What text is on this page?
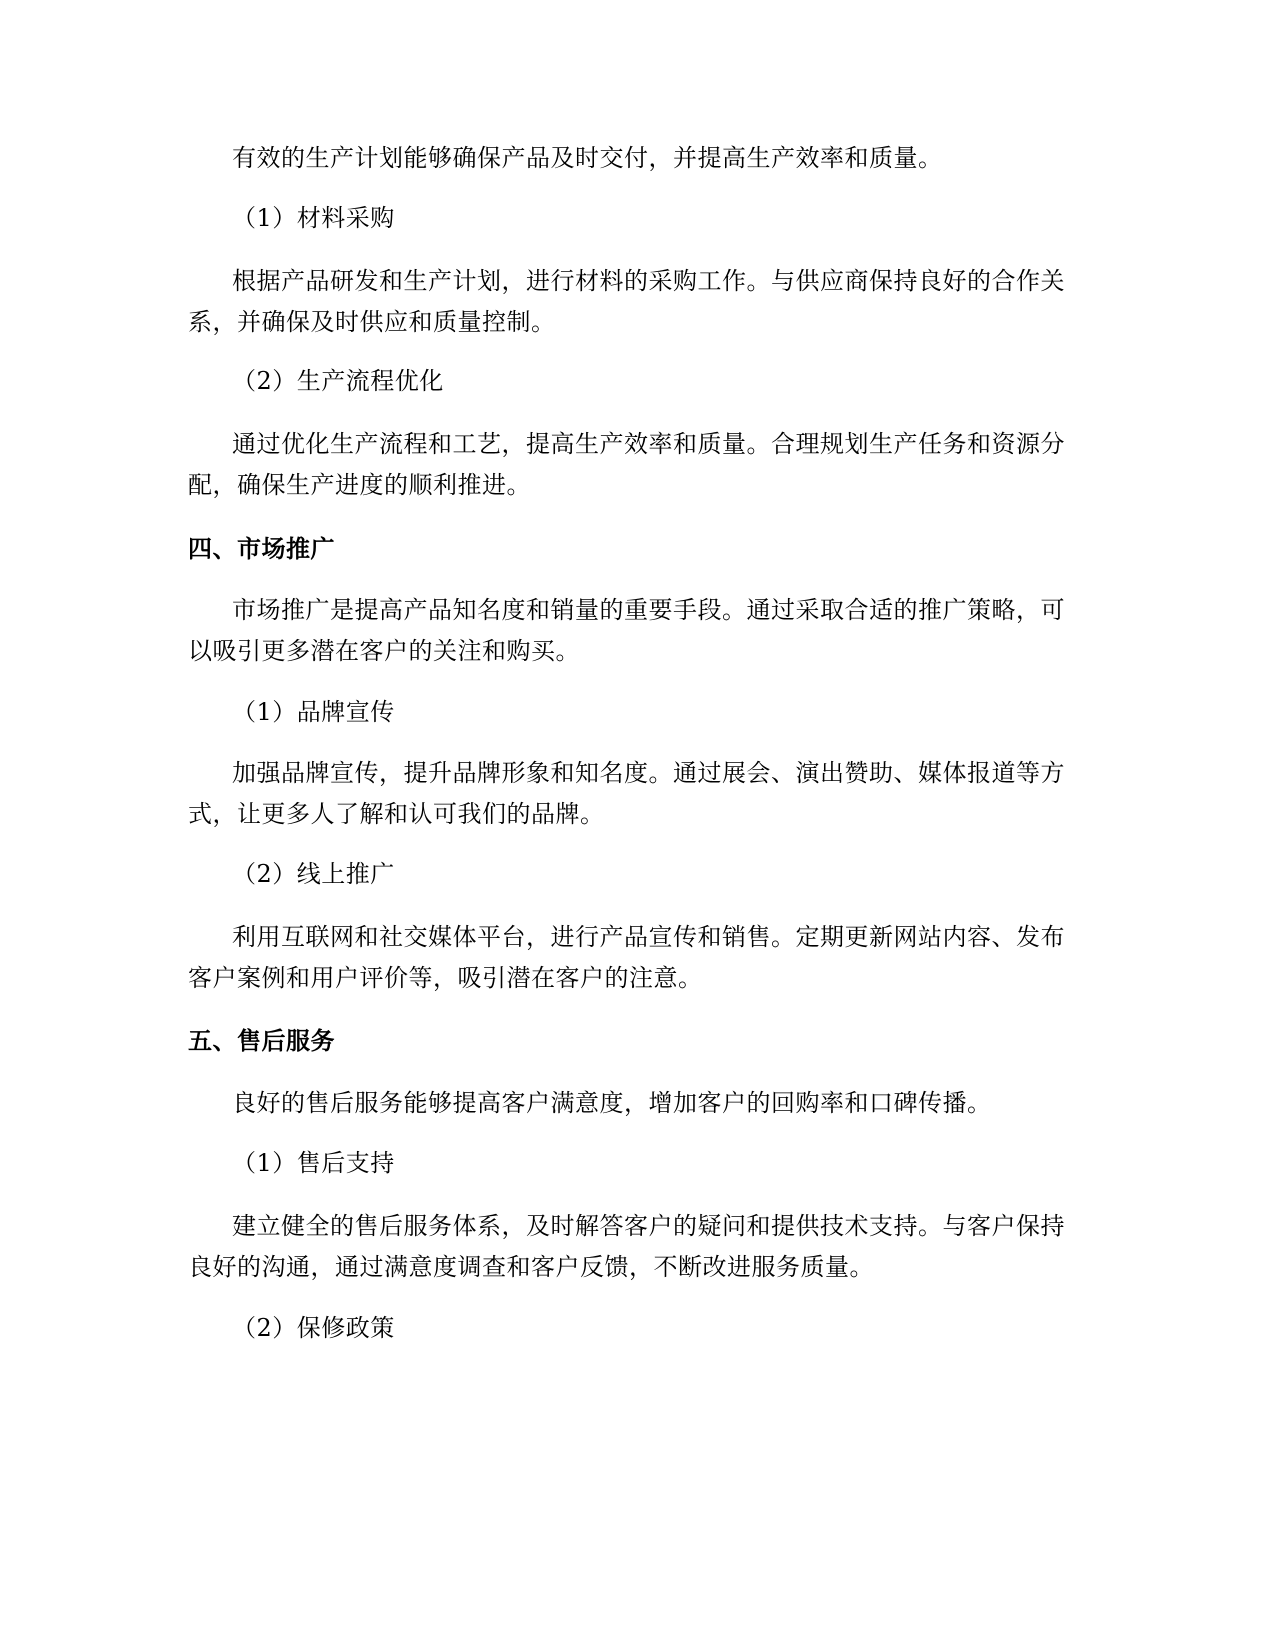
有效的生产计划能够确保产品及时交付，并提高生产效率和质量。
（1）材料采购
根据产品研发和生产计划，进行材料的采购工作。与供应商保持良好的合作关
系，并确保及时供应和质量控制。
（2）生产流程优化
通过优化生产流程和工艺，提高生产效率和质量。合理规划生产任务和资源分
配，确保生产进度的顺利推进。
四、市场推广
市场推广是提高产品知名度和销量的重要手段。通过采取合适的推广策略，可
以吸引更多潜在客户的关注和购买。
（1）品牌宣传
加强品牌宣传，提升品牌形象和知名度。通过展会、演出赞助、媒体报道等方
式，让更多人了解和认可我们的品牌。
（2）线上推广
利用互联网和社交媒体平台，进行产品宣传和销售。定期更新网站内容、发布
客户案例和用户评价等，吸引潜在客户的注意。
五、售后服务
良好的售后服务能够提高客户满意度，增加客户的回购率和口碑传播。
（1）售后支持
建立健全的售后服务体系，及时解答客户的疑问和提供技术支持。与客户保持
良好的沟通，通过满意度调查和客户反馈，不断改进服务质量。
（2）保修政策
